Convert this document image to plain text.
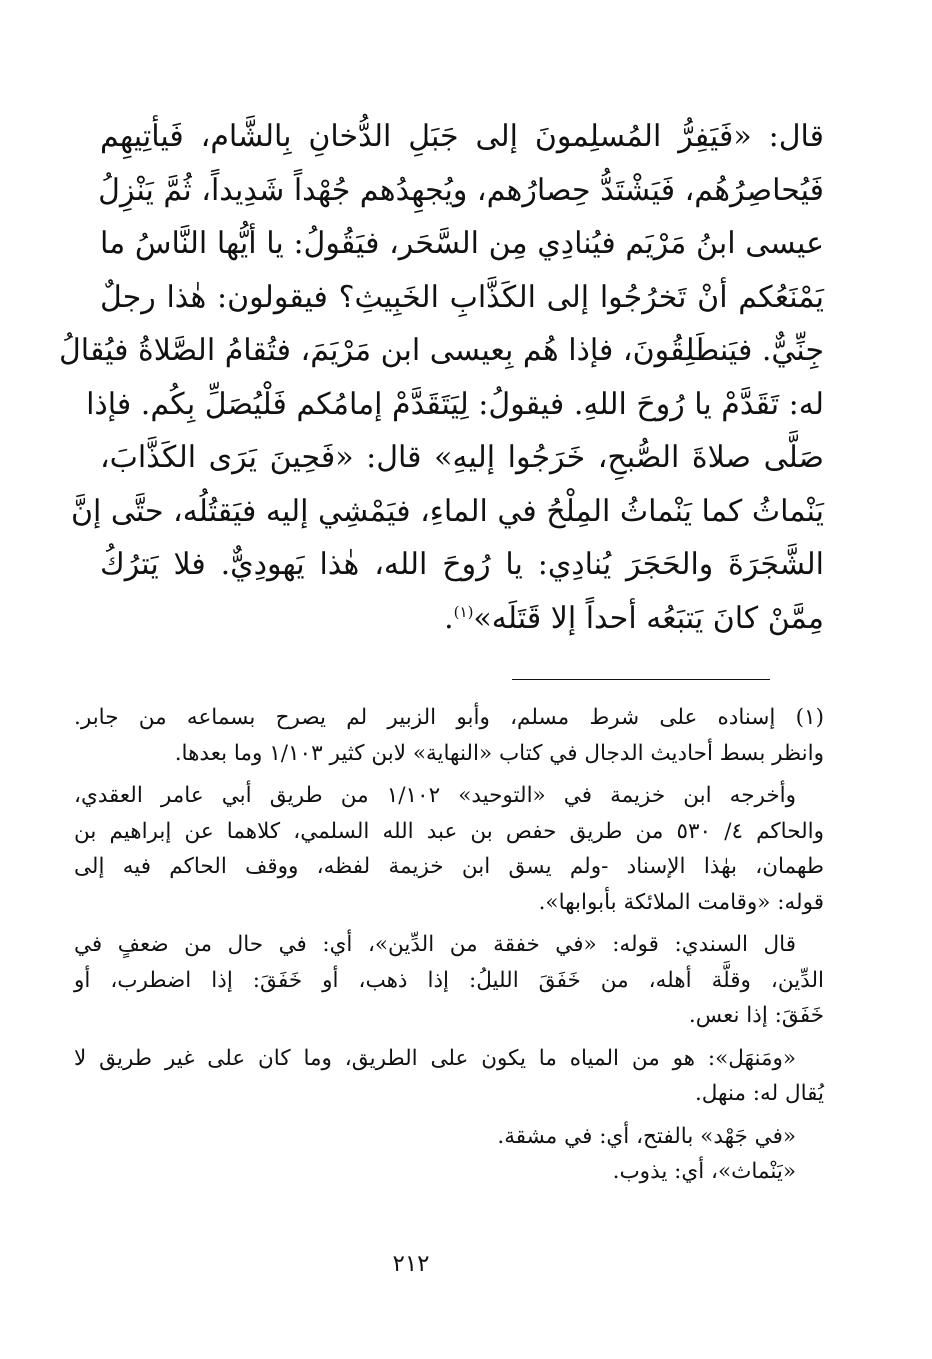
قال: «فَيَفِرُّ المُسلِمونَ إلى جَبَلِ الدُّخانِ بِالشَّام، فَيأتِيهِم
فَيُحاصِرُهُم، فَيَشْتَدُّ حِصارُهم، ويُجهِدُهم جُهْداً شَدِيداً، ثُمَّ يَنْزِلُ
عيسى ابنُ مَرْيَم فيُنادِي مِن السَّحَر، فيَقُولُ: يا أيُّها النَّاسُ ما
يَمْنَعُكم أنْ تَخرُجُوا إلى الكَذَّابِ الخَبِيثِ؟ فيقولون: هٰذا رجلٌ
جِنِّيٌّ. فيَنطَلِقُونَ، فإذا هُم بِعيسى ابن مَرْيَمَ، فتُقامُ الصَّلاةُ فيُقالُ
له: تَقَدَّمْ يا رُوحَ اللهِ. فيقولُ: لِيَتَقَدَّمْ إمامُكم فَلْيُصَلِّ بِكُم. فإذا
صَلَّى صلاةَ الصُّبحِ، خَرَجُوا إليهِ» قال: «فَحِينَ يَرَى الكَذَّابَ،
يَنْماثُ كما يَنْماثُ المِلْحُ في الماءِ، فيَمْشِي إليه فيَقتُلُه، حتَّى إنَّ
الشَّجَرَةَ والحَجَرَ يُنادِي: يا رُوحَ الله، هٰذا يَهودِيٌّ. فلا يَترُكُ
مِمَّنْ كانَ يَتبَعُه أحداً إلا قَتَلَه»$^{(١)}$.

(١) إسناده على شرط مسلم، وأبو الزبير لم يصرح بسماعه من جابر.
وانظر بسط أحاديث الدجال في كتاب «النهاية» لابن كثير ١/١٠٣ وما بعدها.

وأخرجه ابن خزيمة في «التوحيد» ١/١٠٢ من طريق أبي عامر العقدي،
والحاكم ٤/ ٥٣٠ من طريق حفص بن عبد الله السلمي، كلاهما عن إبراهيم بن
طهمان، بهٰذا الإسناد -ولم يسق ابن خزيمة لفظه، ووقف الحاكم فيه إلى
قوله: «وقامت الملائكة بأبوابها».

قال السندي: قوله: «في خفقة من الدِّين»، أي: في حال من ضعفٍ في
الدِّين، وقلَّة أهله، من خَفَقَ الليلُ: إذا ذهب، أو خَفَقَ: إذا اضطرب، أو
خَفَقَ: إذا نعس.

«ومَنهَل»: هو من المياه ما يكون على الطريق، وما كان على غير طريق لا
يُقال له: منهل.

«في جَهْد» بالفتح، أي: في مشقة.

«يَنْماث»، أي: يذوب.

٢١٢
